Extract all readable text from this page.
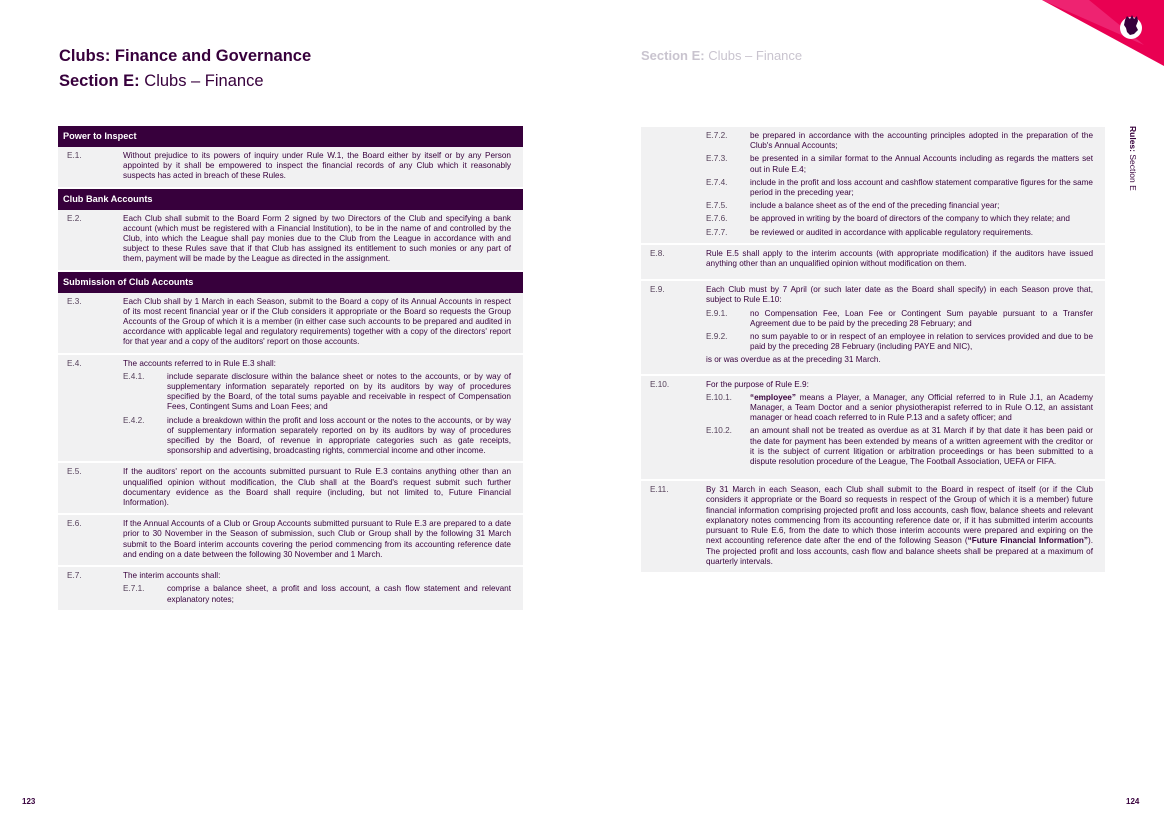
Clubs: Finance and Governance
Section E: Clubs – Finance
Section E: Clubs – Finance
Rules: Section E
Power to Inspect
E.1.	Without prejudice to its powers of inquiry under Rule W.1, the Board either by itself or by any Person appointed by it shall be empowered to inspect the financial records of any Club which it reasonably suspects has acted in breach of these Rules.
Club Bank Accounts
E.2.	Each Club shall submit to the Board Form 2 signed by two Directors of the Club and specifying a bank account (which must be registered with a Financial Institution), to be in the name of and controlled by the Club, into which the League shall pay monies due to the Club from the League in accordance with and subject to these Rules save that if that Club has assigned its entitlement to such monies or any part of them, payment will be made by the League as directed in the assignment.
Submission of Club Accounts
E.3.	Each Club shall by 1 March in each Season, submit to the Board a copy of its Annual Accounts in respect of its most recent financial year or if the Club considers it appropriate or the Board so requests the Group Accounts of the Group of which it is a member (in either case such accounts to be prepared and audited in accordance with applicable legal and regulatory requirements) together with a copy of the directors' report for that year and a copy of the auditors' report on those accounts.
E.4.	The accounts referred to in Rule E.3 shall:
E.4.1.	include separate disclosure within the balance sheet or notes to the accounts, or by way of supplementary information separately reported on by its auditors by way of procedures specified by the Board, of the total sums payable and receivable in respect of Compensation Fees, Contingent Sums and Loan Fees; and
E.4.2.	include a breakdown within the profit and loss account or the notes to the accounts, or by way of supplementary information separately reported on by its auditors by way of procedures specified by the Board, of revenue in appropriate categories such as gate receipts, sponsorship and advertising, broadcasting rights, commercial income and other income.
E.5.	If the auditors' report on the accounts submitted pursuant to Rule E.3 contains anything other than an unqualified opinion without modification, the Club shall at the Board's request submit such further documentary evidence as the Board shall require (including, but not limited to, Future Financial Information).
E.6.	If the Annual Accounts of a Club or Group Accounts submitted pursuant to Rule E.3 are prepared to a date prior to 30 November in the Season of submission, such Club or Group shall by the following 31 March submit to the Board interim accounts covering the period commencing from its accounting reference date and ending on a date between the following 30 November and 1 March.
E.7.	The interim accounts shall:
E.7.1.	comprise a balance sheet, a profit and loss account, a cash flow statement and relevant explanatory notes;
E.7.2.	be prepared in accordance with the accounting principles adopted in the preparation of the Club's Annual Accounts;
E.7.3.	be presented in a similar format to the Annual Accounts including as regards the matters set out in Rule E.4;
E.7.4.	include in the profit and loss account and cashflow statement comparative figures for the same period in the preceding year;
E.7.5.	include a balance sheet as of the end of the preceding financial year;
E.7.6.	be approved in writing by the board of directors of the company to which they relate; and
E.7.7.	be reviewed or audited in accordance with applicable regulatory requirements.
E.8.	Rule E.5 shall apply to the interim accounts (with appropriate modification) if the auditors have issued anything other than an unqualified opinion without modification on them.
E.9.	Each Club must by 7 April (or such later date as the Board shall specify) in each Season prove that, subject to Rule E.10:
E.9.1.	no Compensation Fee, Loan Fee or Contingent Sum payable pursuant to a Transfer Agreement due to be paid by the preceding 28 February; and
E.9.2.	no sum payable to or in respect of an employee in relation to services provided and due to be paid by the preceding 28 February (including PAYE and NIC),
is or was overdue as at the preceding 31 March.
E.10.	For the purpose of Rule E.9:
E.10.1.	“employee” means a Player, a Manager, any Official referred to in Rule J.1, an Academy Manager, a Team Doctor and a senior physiotherapist referred to in Rule O.12, an assistant manager or head coach referred to in Rule P.13 and a safety officer; and
E.10.2.	an amount shall not be treated as overdue as at 31 March if by that date it has been paid or the date for payment has been extended by means of a written agreement with the creditor or it is the subject of current litigation or arbitration proceedings or has been submitted to a dispute resolution procedure of the League, The Football Association, UEFA or FIFA.
E.11.	By 31 March in each Season, each Club shall submit to the Board in respect of itself (or if the Club considers it appropriate or the Board so requests in respect of the Group of which it is a member) future financial information comprising projected profit and loss accounts, cash flow, balance sheets and relevant explanatory notes commencing from its accounting reference date or, if it has submitted interim accounts pursuant to Rule E.6, from the date to which those interim accounts were prepared and expiring on the next accounting reference date after the end of the following Season (“Future Financial Information”). The projected profit and loss accounts, cash flow and balance sheets shall be prepared at a maximum of quarterly intervals.
123	124
